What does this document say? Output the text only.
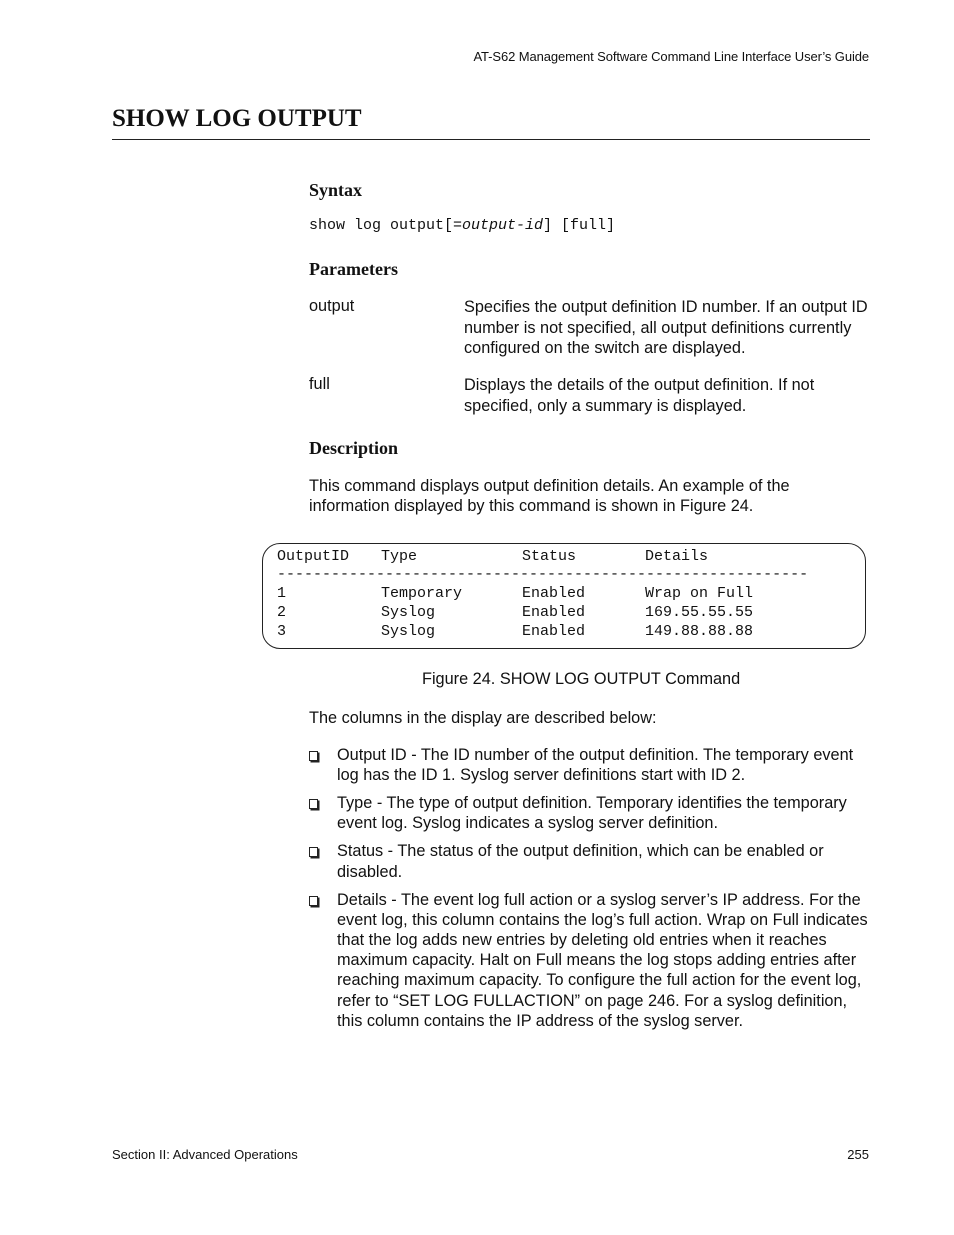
AT-S62 Management Software Command Line Interface User’s Guide
SHOW LOG OUTPUT
Syntax
show log output[=output-id] [full]
Parameters
output	Specifies the output definition ID number. If an output ID number is not specified, all output definitions currently configured on the switch are displayed.
full	Displays the details of the output definition. If not specified, only a summary is displayed.
Description
This command displays output definition details. An example of the information displayed by this command is shown in Figure 24.
OutputID Type	Status	Details
-----------------------------------------------------------
1	Temporary	Enabled	Wrap on Full
2	Syslog	Enabled	169.55.55.55
3	Syslog	Enabled	149.88.88.88
Figure 24. SHOW LOG OUTPUT Command
The columns in the display are described below:
Output ID - The ID number of the output definition. The temporary event log has the ID 1. Syslog server definitions start with ID 2.
Type - The type of output definition. Temporary identifies the temporary event log. Syslog indicates a syslog server definition.
Status - The status of the output definition, which can be enabled or disabled.
Details - The event log full action or a syslog server’s IP address. For the event log, this column contains the log’s full action. Wrap on Full indicates that the log adds new entries by deleting old entries when it reaches maximum capacity. Halt on Full means the log stops adding entries after reaching maximum capacity. To configure the full action for the event log, refer to “SET LOG FULLACTION” on page 246. For a syslog definition, this column contains the IP address of the syslog server.
Section II: Advanced Operations	255
